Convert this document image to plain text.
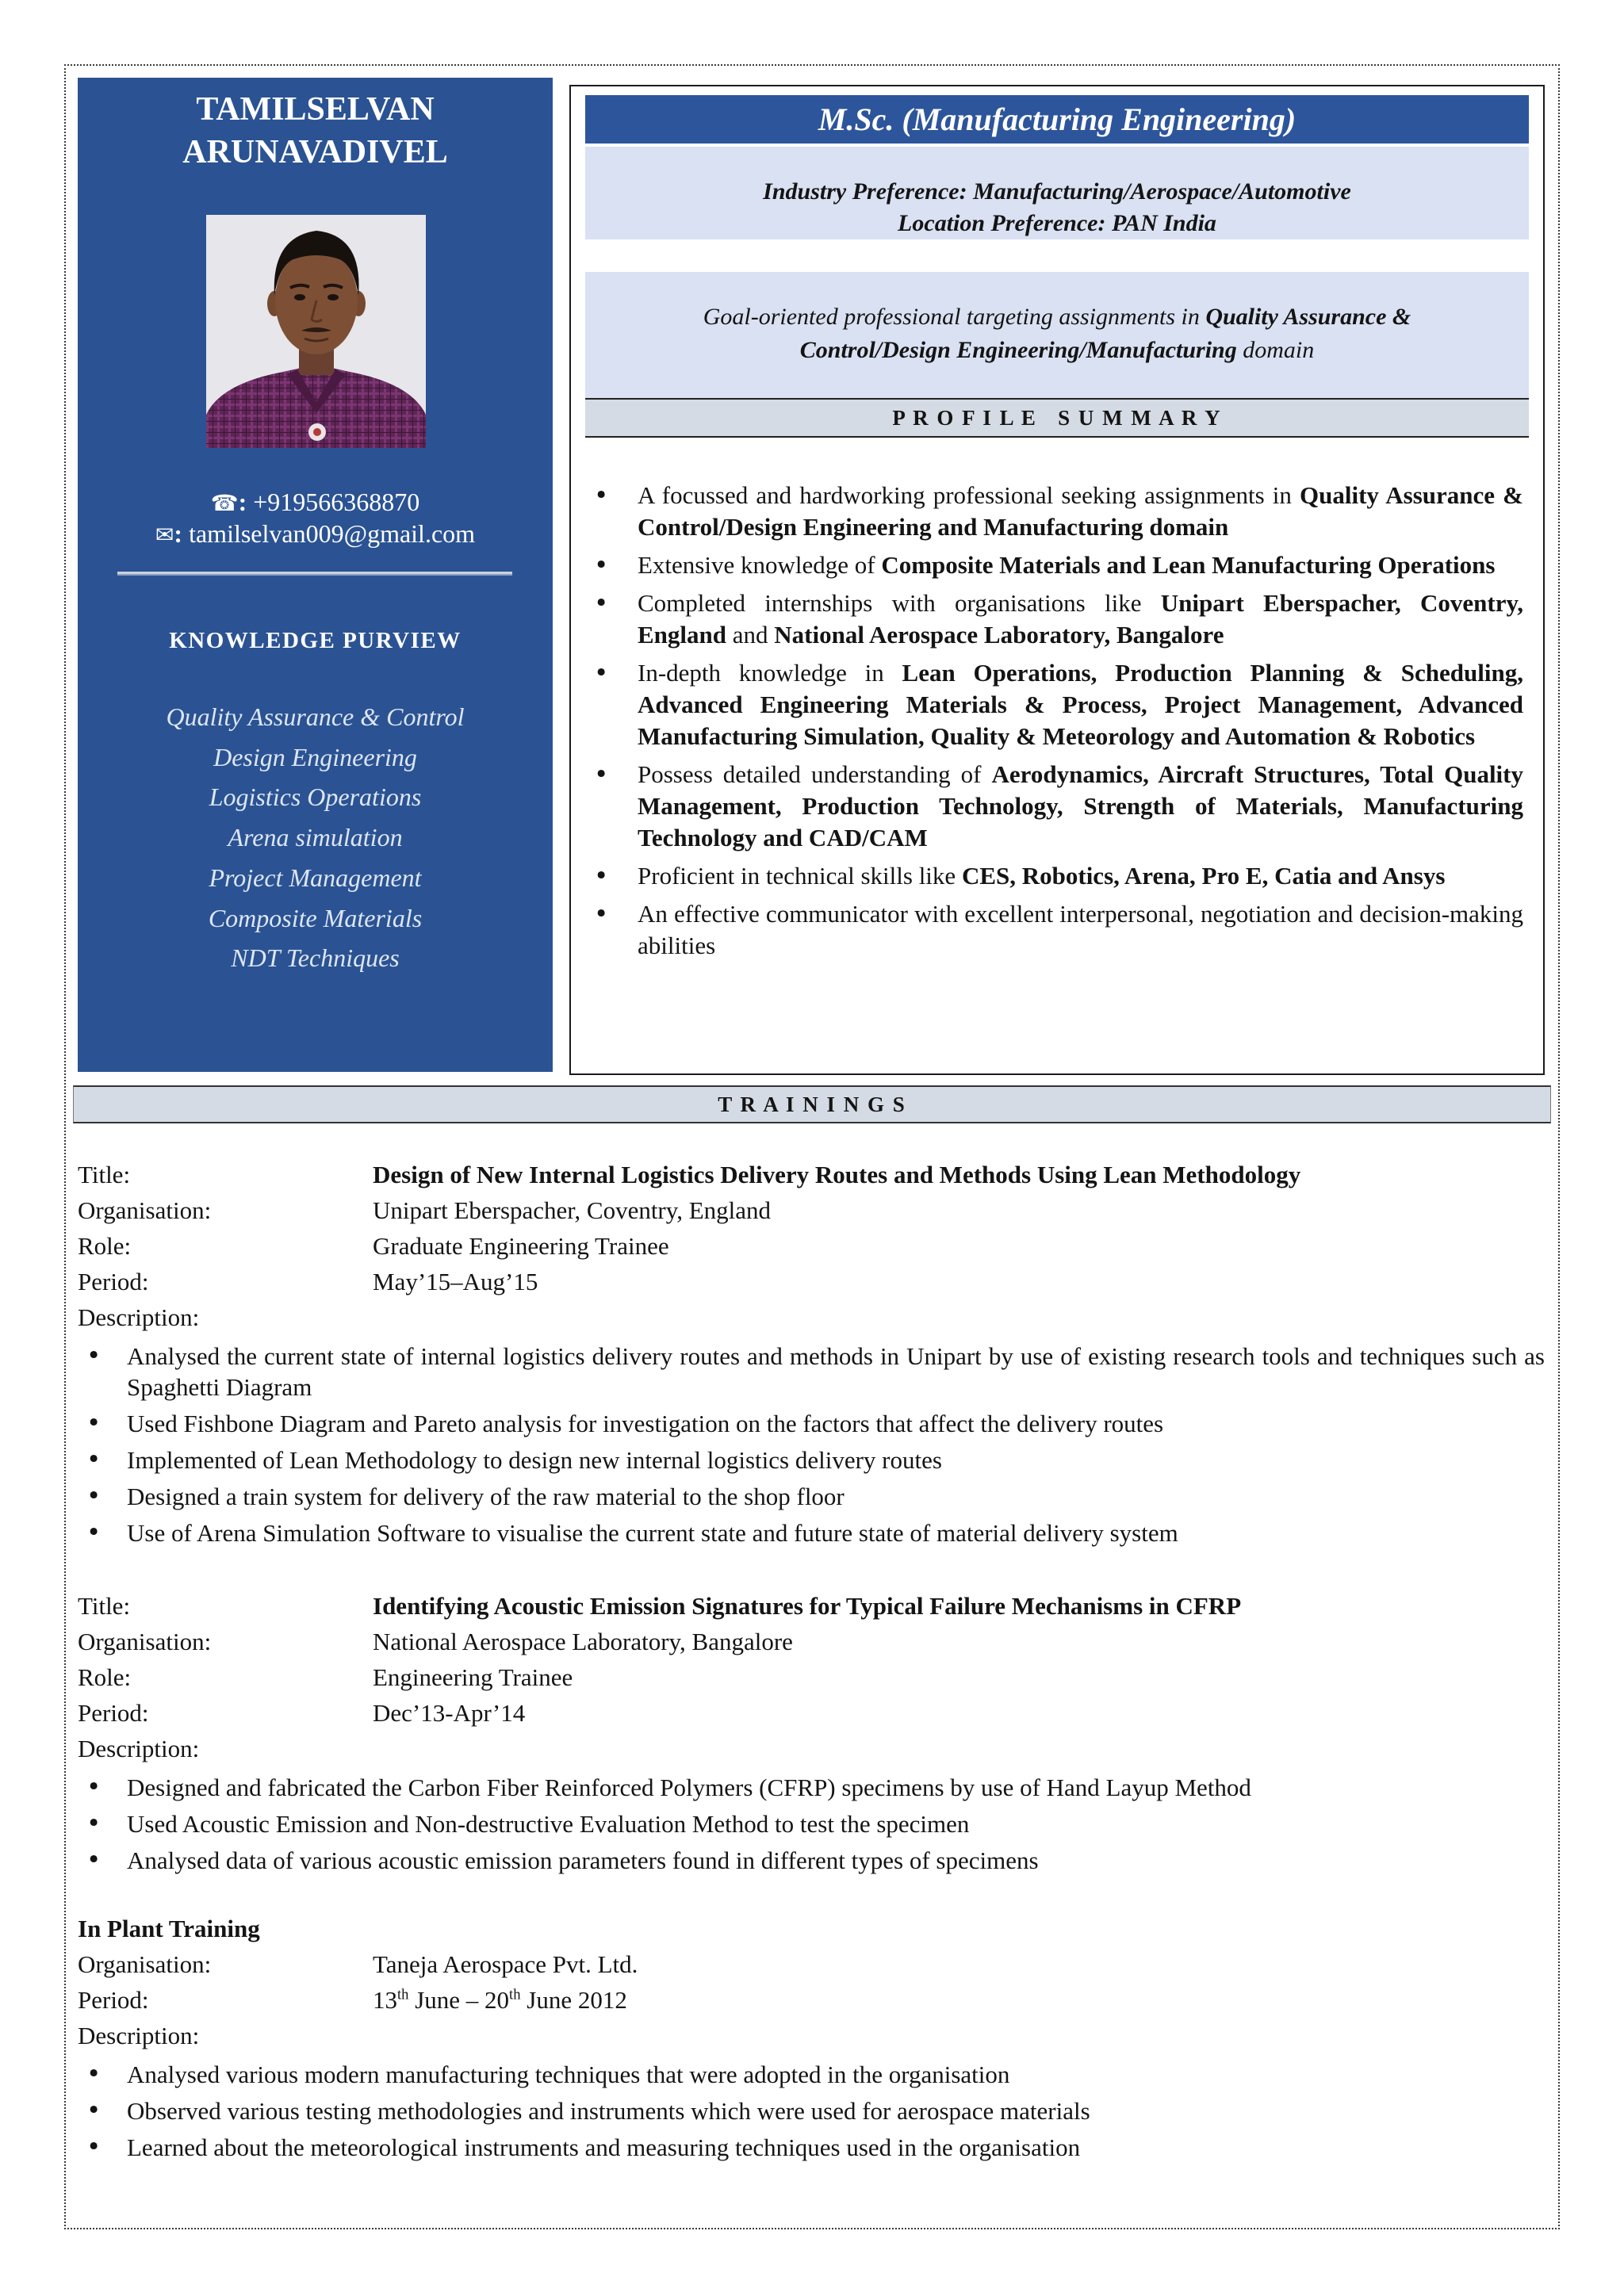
TAMILSELVAN
ARUNAVADIVEL
☎ : +919566368870
✉ : tamilselvan009@gmail.com
KNOWLEDGE PURVIEW
Quality Assurance & Control
Design Engineering
Logistics Operations
Arena simulation
Project Management
Composite Materials
NDT Techniques
M.Sc. (Manufacturing Engineering)
Industry Preference: Manufacturing/Aerospace/Automotive
Location Preference: PAN India
Goal-oriented professional targeting assignments in Quality Assurance & Control/Design Engineering/Manufacturing domain
P R O F I L E   S U M M A R Y
• A focussed and hardworking professional seeking assignments in Quality Assurance & Control/Design Engineering and Manufacturing domain
• Extensive knowledge of Composite Materials and Lean Manufacturing Operations
• Completed internships with organisations like Unipart Eberspacher, Coventry, England and National Aerospace Laboratory, Bangalore
• In-depth knowledge in Lean Operations, Production Planning & Scheduling, Advanced Engineering Materials & Process, Project Management, Advanced Manufacturing Simulation, Quality & Meteorology and Automation & Robotics
• Possess detailed understanding of Aerodynamics, Aircraft Structures, Total Quality Management, Production Technology, Strength of Materials, Manufacturing Technology and CAD/CAM
• Proficient in technical skills like CES, Robotics, Arena, Pro E, Catia and Ansys
• An effective communicator with excellent interpersonal, negotiation and decision-making abilities
T R A I N I N G S
Title:	Design of New Internal Logistics Delivery Routes and Methods Using Lean Methodology
Organisation:	Unipart Eberspacher, Coventry, England
Role:	Graduate Engineering Trainee
Period:	May’15–Aug’15
Description:
• Analysed the current state of internal logistics delivery routes and methods in Unipart by use of existing research tools and techniques such as Spaghetti Diagram
• Used Fishbone Diagram and Pareto analysis for investigation on the factors that affect the delivery routes
• Implemented of Lean Methodology to design new internal logistics delivery routes
• Designed a train system for delivery of the raw material to the shop floor
• Use of Arena Simulation Software to visualise the current state and future state of material delivery system
Title:	Identifying Acoustic Emission Signatures for Typical Failure Mechanisms in CFRP
Organisation:	National Aerospace Laboratory, Bangalore
Role:	Engineering Trainee
Period:	Dec’13-Apr’14
Description:
• Designed and fabricated the Carbon Fiber Reinforced Polymers (CFRP) specimens by use of Hand Layup Method
• Used Acoustic Emission and Non-destructive Evaluation Method to test the specimen
• Analysed data of various acoustic emission parameters found in different types of specimens
In Plant Training
Organisation:	Taneja Aerospace Pvt. Ltd.
Period:	13th June – 20th June 2012
Description:
• Analysed various modern manufacturing techniques that were adopted in the organisation
• Observed various testing methodologies and instruments which were used for aerospace materials
• Learned about the meteorological instruments and measuring techniques used in the organisation
